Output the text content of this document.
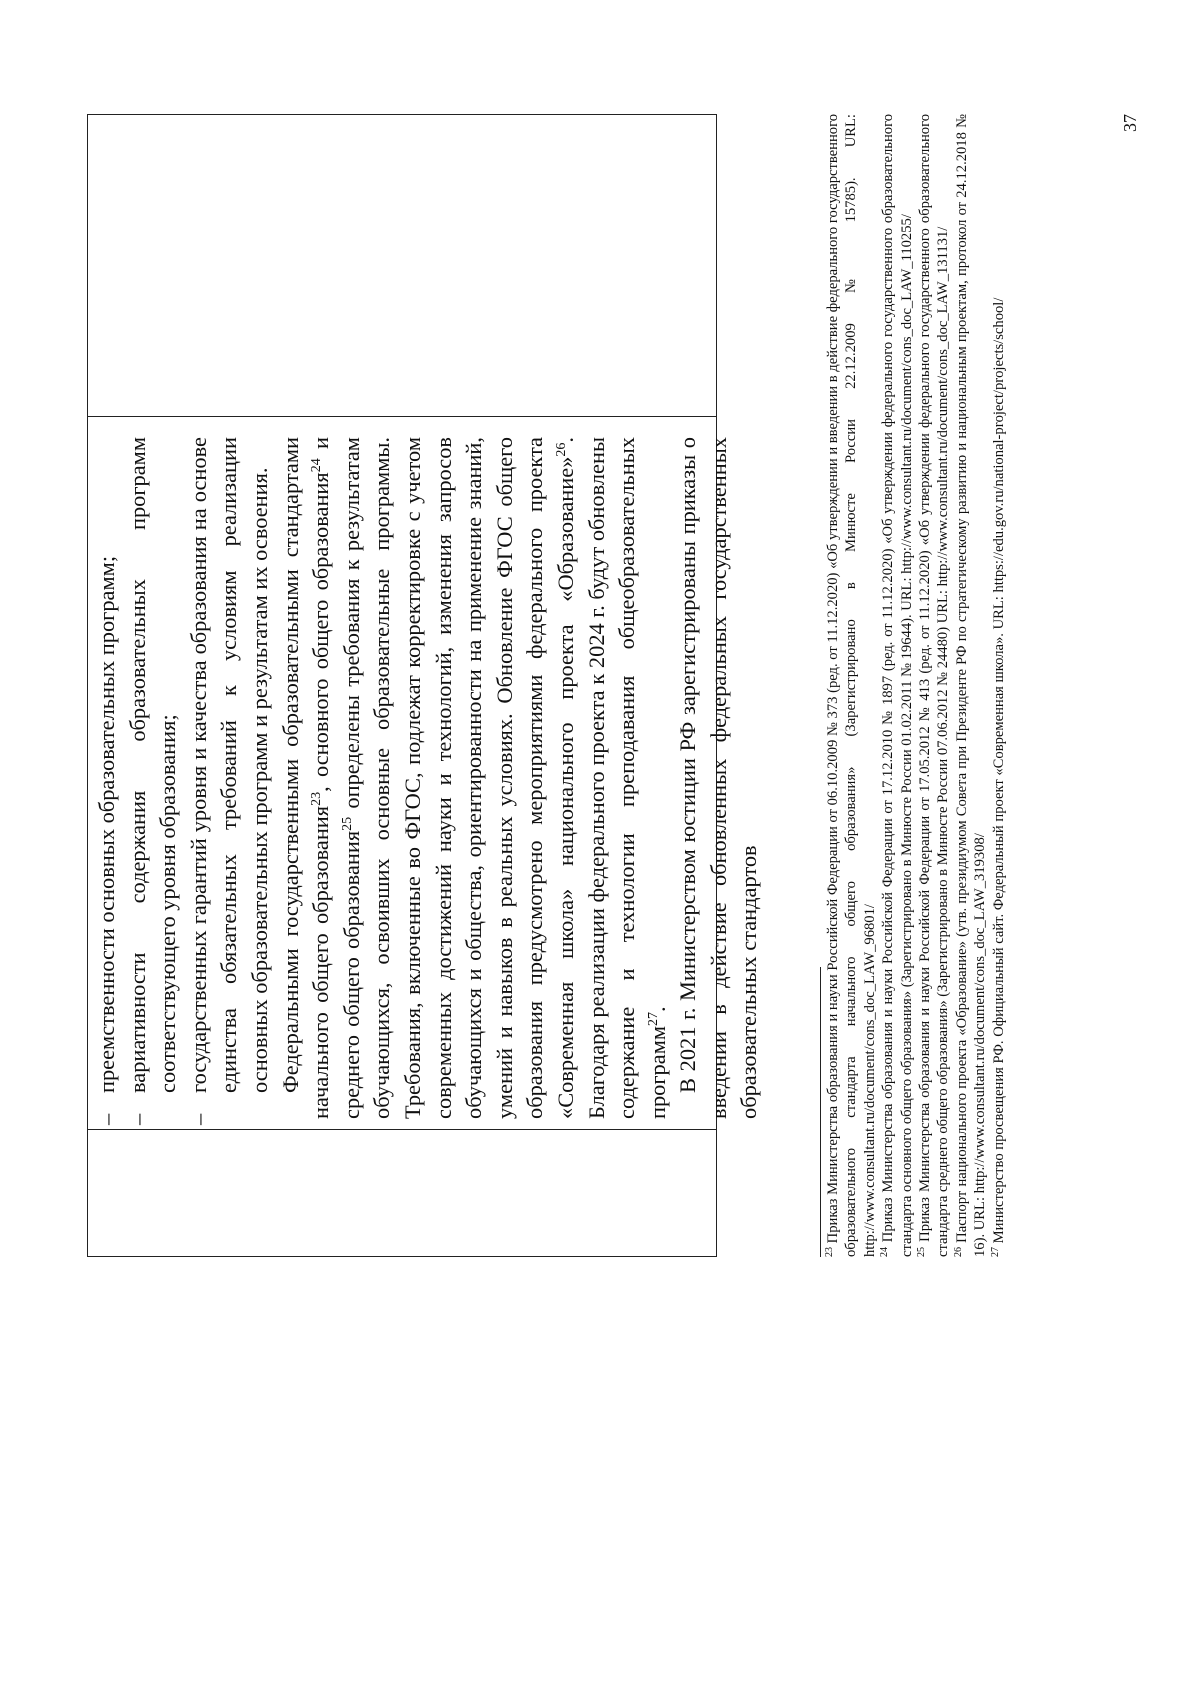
–
преемственности основных образовательных программ;

–
вариативности содержания образовательных программ соответствующего уровня образования;

–
государственных гарантий уровня и качества образования на основе единства обязательных требований к условиям реализации основных образовательных программ и результатам их освоения. Федеральными государственными образовательными стандартами начального общего образования$^{23}$, основного общего образования$^{24}$ и среднего общего образования$^{25}$ определены требования к результатам обучающихся, освоивших основные образовательные программы. Требования, включенные во ФГОС, подлежат корректировке с учетом современных достижений науки и технологий, изменения запросов обучающихся и общества, ориентированности на применение знаний, умений и навыков в реальных условиях. Обновление ФГОС общего образования предусмотрено мероприятиями федерального проекта «Современная школа» национального проекта «Образование»$^{26}$. Благодаря реализации федерального проекта к 2024 г. будут обновлены содержание и технологии преподавания общеобразовательных программ$^{27}$. В 2021 г. Министерством юстиции РФ зарегистрированы приказы о введении в действие обновленных федеральных государственных образовательных стандартов

$^{23}$ Приказ Министерства образования и науки Российской Федерации от 06.10.2009 № 373 (ред. от 11.12.2020) «Об утверждении и введении в действие федерального государственного образовательного стандарта начального общего образования» (Зарегистрировано в Минюсте России 22.12.2009 № 15785). URL: http://www.consultant.ru/document/cons_doc_LAW_96801/ $^{24}$ Приказ Министерства образования и науки Российской Федерации от 17.12.2010 № 1897 (ред. от 11.12.2020) «Об утверждении федерального государственного образовательного стандарта основного общего образования» (Зарегистрировано в Минюсте России 01.02.2011 № 19644). URL: http://www.consultant.ru/document/cons_doc_LAW_110255/ $^{25}$ Приказ Министерства образования и науки Российской Федерации от 17.05.2012 № 413 (ред. от 11.12.2020) «Об утверждении федерального государственного образовательного стандарта среднего общего образования» (Зарегистрировано в Минюсте России 07.06.2012 № 24480) URL: http://www.consultant.ru/document/cons_doc_LAW_131131/ $^{26}$ Паспорт национального проекта «Образование» (утв. президиумом Совета при Президенте РФ по стратегическому развитию и национальным проектам, протокол от 24.12.2018 № 16). URL: http://www.consultant.ru/document/cons_doc_LAW_319308/ $^{27}$ Министерство просвещения РФ. Официальный сайт. Федеральный проект «Современная школа». URL: https://edu.gov.ru/national-project/projects/school/

37
